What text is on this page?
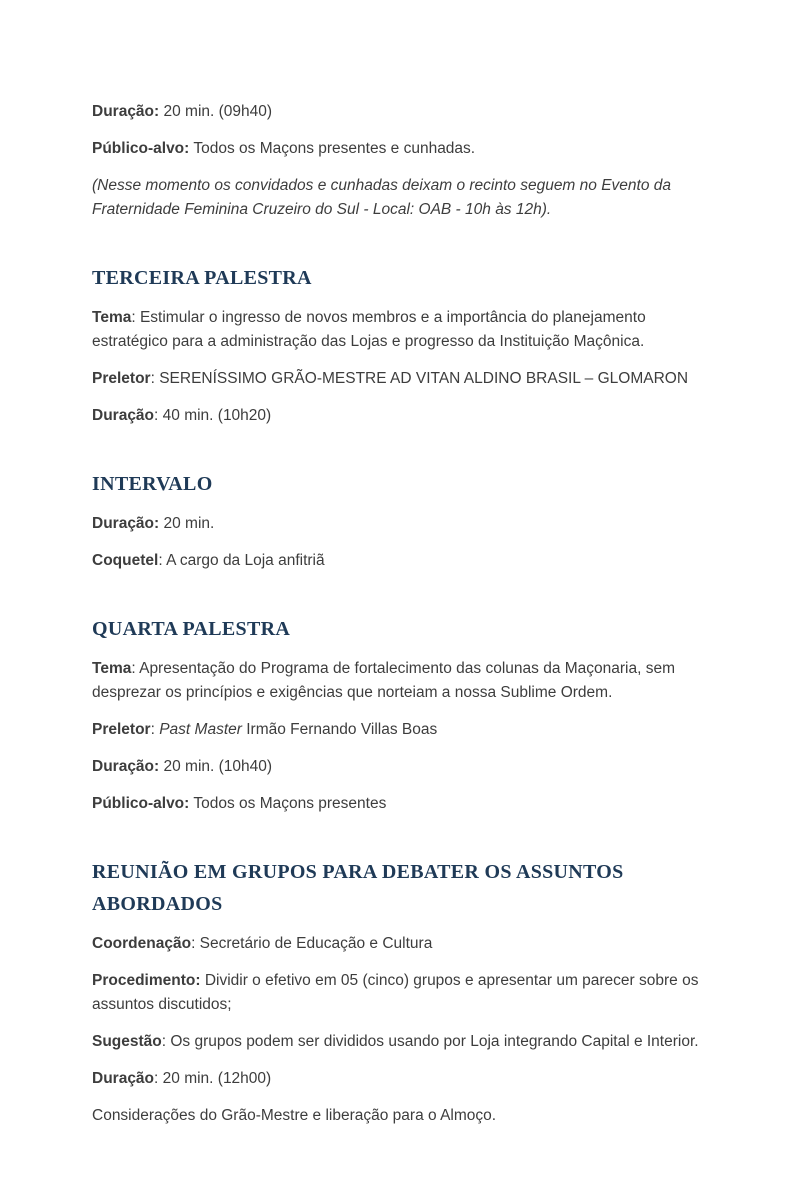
Duração: 20 min. (09h40)

Público-alvo: Todos os Maçons presentes e cunhadas.

(Nesse momento os convidados e cunhadas deixam o recinto seguem no Evento da Fraternidade Feminina Cruzeiro do Sul - Local: OAB - 10h às 12h).

TERCEIRA PALESTRA

Tema: Estimular o ingresso de novos membros e a importância do planejamento estratégico para a administração das Lojas e progresso da Instituição Maçônica.

Preletor: SERENÍSSIMO GRÃO-MESTRE AD VITAN ALDINO BRASIL – GLOMARON

Duração: 40 min. (10h20)

INTERVALO

Duração: 20 min.

Coquetel: A cargo da Loja anfitriã

QUARTA PALESTRA

Tema: Apresentação do Programa de fortalecimento das colunas da Maçonaria, sem desprezar os princípios e exigências que norteiam a nossa Sublime Ordem.

Preletor: Past Master Irmão Fernando Villas Boas

Duração: 20 min. (10h40)

Público-alvo: Todos os Maçons presentes

REUNIÃO EM GRUPOS PARA DEBATER OS ASSUNTOS ABORDADOS

Coordenação: Secretário de Educação e Cultura

Procedimento: Dividir o efetivo em 05 (cinco) grupos e apresentar um parecer sobre os assuntos discutidos;

Sugestão: Os grupos podem ser divididos usando por Loja integrando Capital e Interior.

Duração: 20 min. (12h00)

Considerações do Grão-Mestre e liberação para o Almoço.
